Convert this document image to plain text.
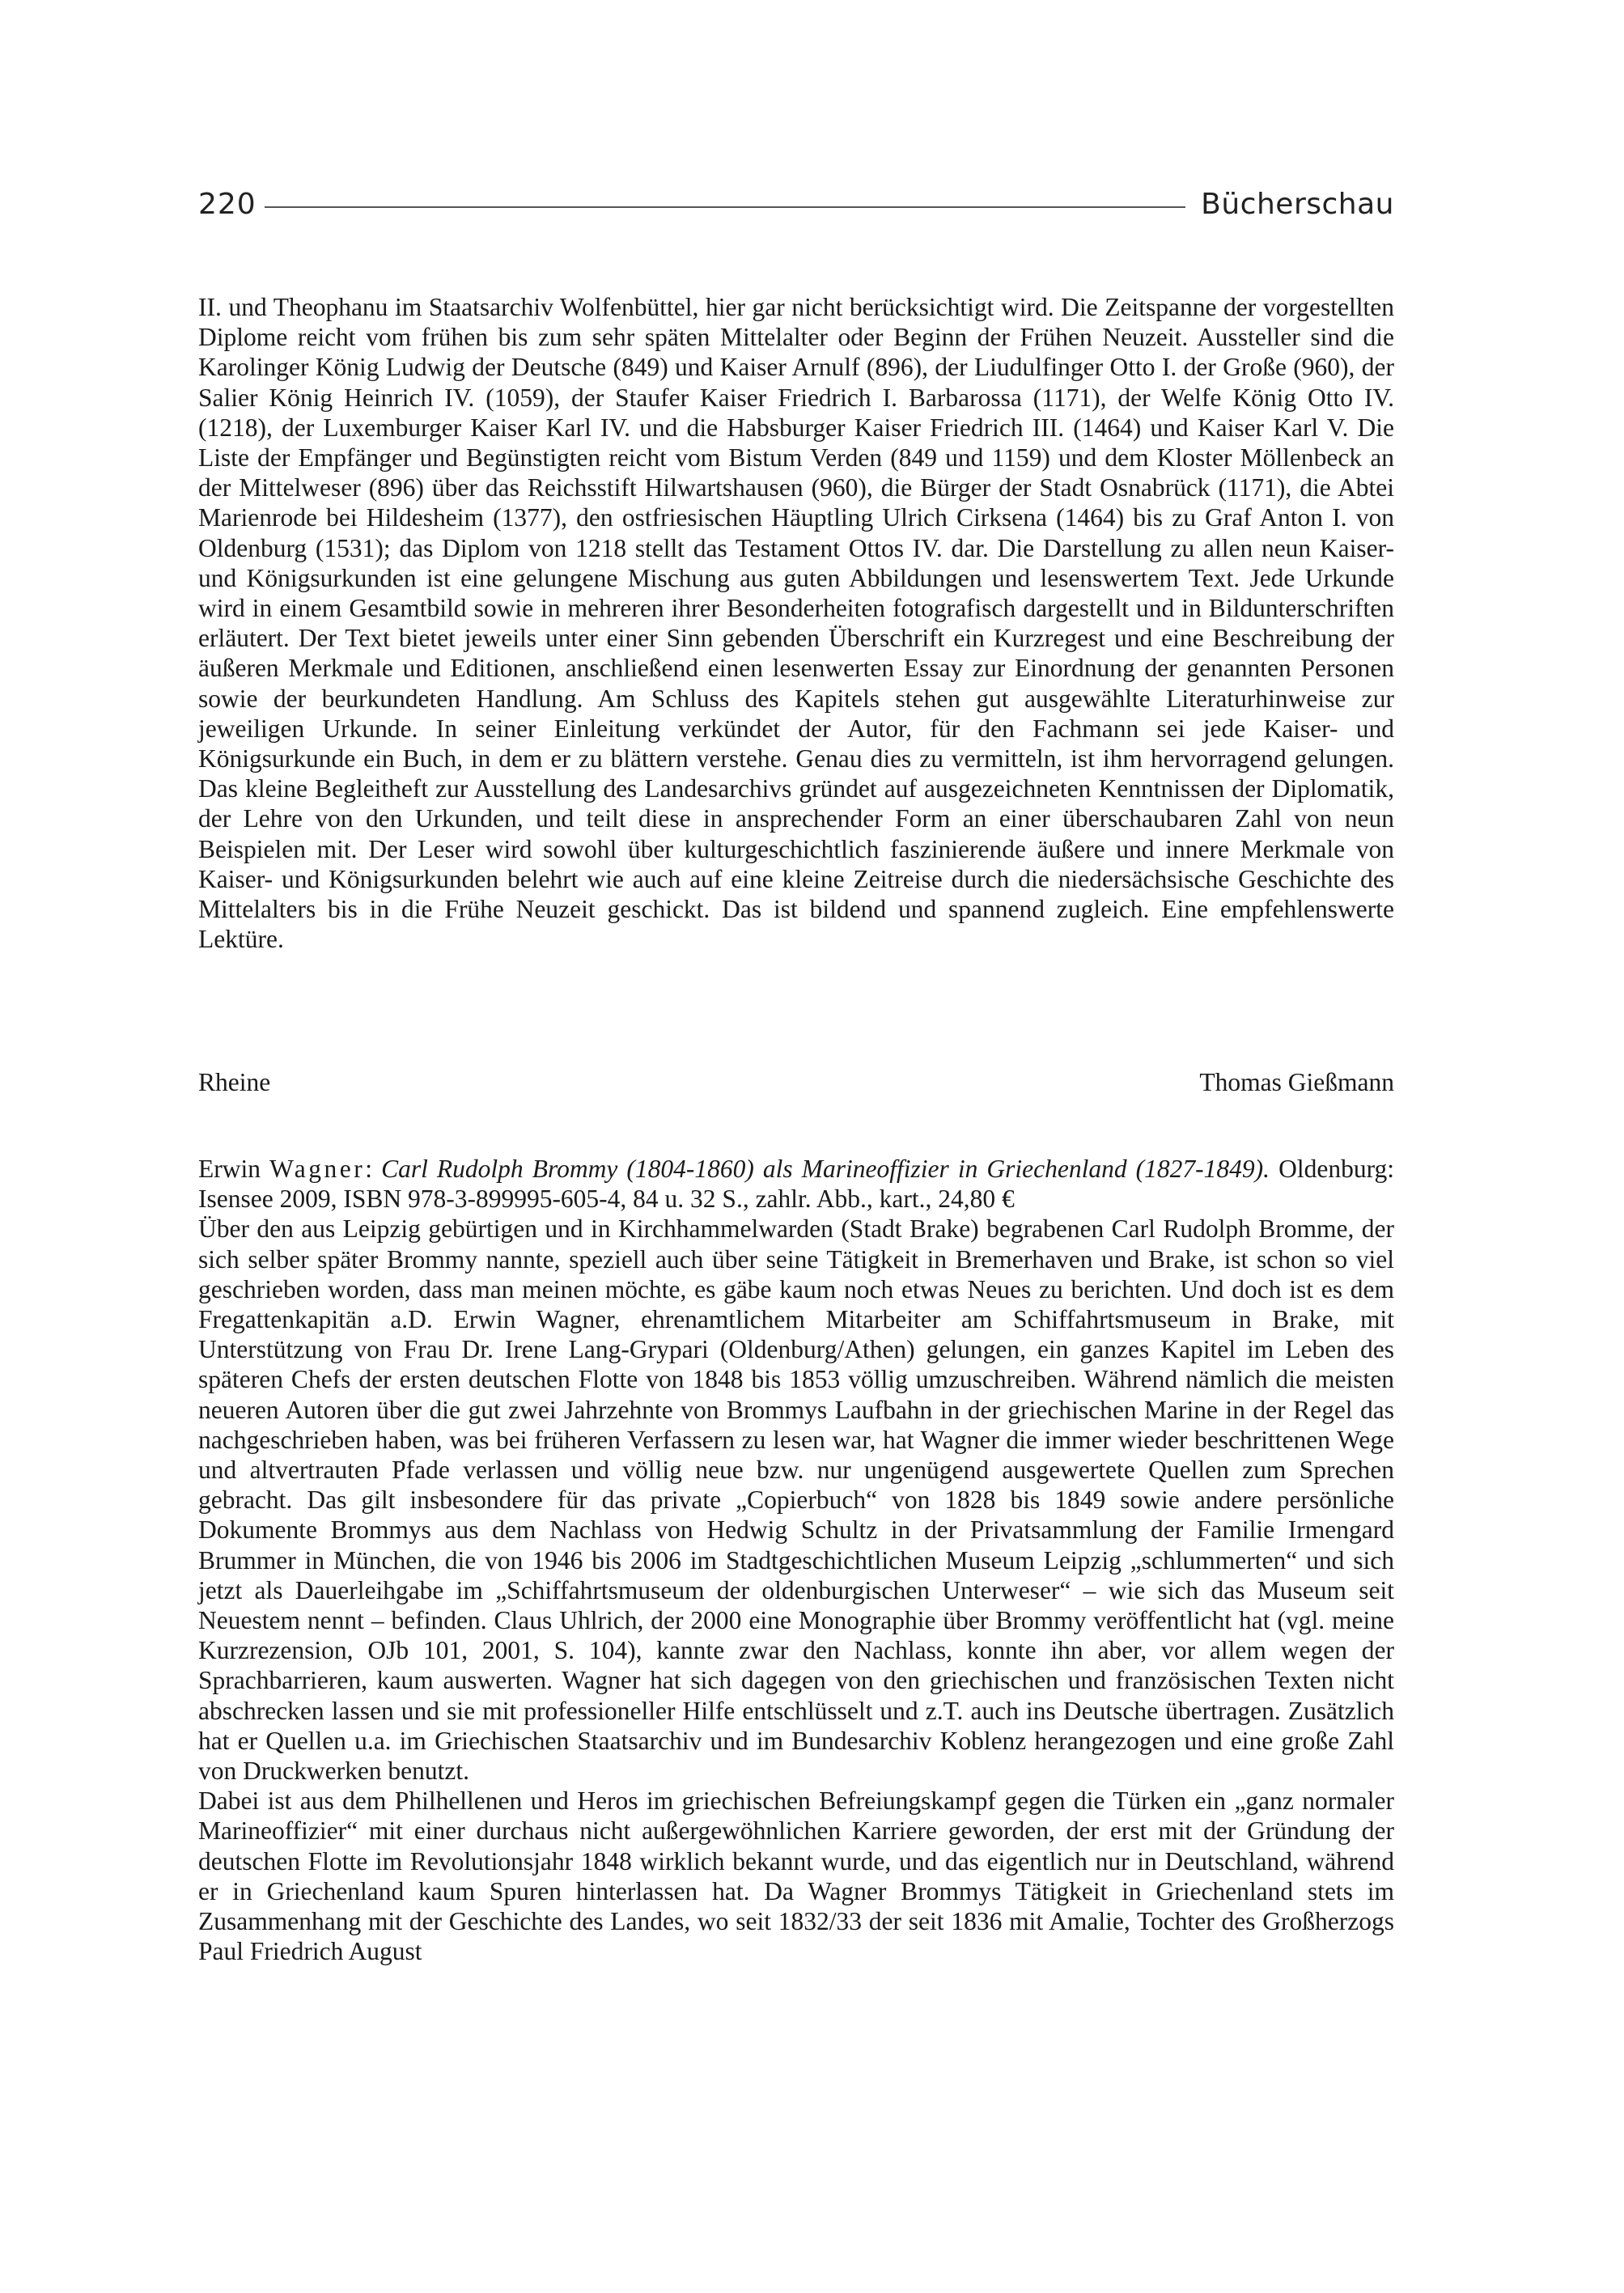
220	Bücherschau

II. und Theophanu im Staatsarchiv Wolfenbüttel, hier gar nicht berücksichtigt wird. Die Zeitspanne der vorgestellten Diplome reicht vom frühen bis zum sehr späten Mittelalter oder Beginn der Frühen Neuzeit. Aussteller sind die Karolinger König Ludwig der Deutsche (849) und Kaiser Arnulf (896), der Liudulfinger Otto I. der Große (960), der Salier König Heinrich IV. (1059), der Staufer Kaiser Friedrich I. Barbarossa (1171), der Welfe König Otto IV. (1218), der Luxemburger Kaiser Karl IV. und die Habsburger Kaiser Friedrich III. (1464) und Kaiser Karl V. Die Liste der Empfänger und Begünstigten reicht vom Bistum Verden (849 und 1159) und dem Kloster Möllenbeck an der Mittelweser (896) über das Reichsstift Hilwartshausen (960), die Bürger der Stadt Osnabrück (1171), die Abtei Marienrode bei Hildesheim (1377), den ostfriesischen Häuptling Ulrich Cirksena (1464) bis zu Graf Anton I. von Oldenburg (1531); das Diplom von 1218 stellt das Testament Ottos IV. dar. Die Darstellung zu allen neun Kaiser- und Königsurkunden ist eine gelungene Mischung aus guten Abbildungen und lesenswertem Text. Jede Urkunde wird in einem Gesamtbild sowie in mehreren ihrer Besonderheiten fotografisch dargestellt und in Bildunterschriften erläutert. Der Text bietet jeweils unter einer Sinn gebenden Überschrift ein Kurzregest und eine Beschreibung der äußeren Merkmale und Editionen, anschließend einen lesenwerten Essay zur Einordnung der genannten Personen sowie der beurkundeten Handlung. Am Schluss des Kapitels stehen gut ausgewählte Literaturhinweise zur jeweiligen Urkunde. In seiner Einleitung verkündet der Autor, für den Fachmann sei jede Kaiser- und Königsurkunde ein Buch, in dem er zu blättern verstehe. Genau dies zu vermitteln, ist ihm hervorragend gelungen. Das kleine Begleitheft zur Ausstellung des Landesarchivs gründet auf ausgezeichneten Kenntnissen der Diplomatik, der Lehre von den Urkunden, und teilt diese in ansprechender Form an einer überschaubaren Zahl von neun Beispielen mit. Der Leser wird sowohl über kulturgeschichtlich faszinierende äußere und innere Merkmale von Kaiser- und Königsurkunden belehrt wie auch auf eine kleine Zeitreise durch die niedersächsische Geschichte des Mittelalters bis in die Frühe Neuzeit geschickt. Das ist bildend und spannend zugleich. Eine empfehlenswerte Lektüre.

Rheine	Thomas Gießmann

Erwin Wagner: Carl Rudolph Brommy (1804-1860) als Marineoffizier in Griechenland (1827-1849). Oldenburg: Isensee 2009, ISBN 978-3-899995-605-4, 84 u. 32 S., zahlr. Abb., kart., 24,80 €

Über den aus Leipzig gebürtigen und in Kirchhammelwarden (Stadt Brake) begrabenen Carl Rudolph Bromme, der sich selber später Brommy nannte, speziell auch über seine Tätigkeit in Bremerhaven und Brake, ist schon so viel geschrieben worden, dass man meinen möchte, es gäbe kaum noch etwas Neues zu berichten. Und doch ist es dem Fregattenkapitän a.D. Erwin Wagner, ehrenamtlichem Mitarbeiter am Schiffahrtsmuseum in Brake, mit Unterstützung von Frau Dr. Irene Lang-Grypari (Oldenburg/Athen) gelungen, ein ganzes Kapitel im Leben des späteren Chefs der ersten deutschen Flotte von 1848 bis 1853 völlig umzuschreiben. Während nämlich die meisten neueren Autoren über die gut zwei Jahrzehnte von Brommys Laufbahn in der griechischen Marine in der Regel das nachgeschrieben haben, was bei früheren Verfassern zu lesen war, hat Wagner die immer wieder beschrittenen Wege und altvertrauten Pfade verlassen und völlig neue bzw. nur ungenügend ausgewertete Quellen zum Sprechen gebracht. Das gilt insbesondere für das private „Copierbuch“ von 1828 bis 1849 sowie andere persönliche Dokumente Brommys aus dem Nachlass von Hedwig Schultz in der Privatsammlung der Familie Irmengard Brummer in München, die von 1946 bis 2006 im Stadtgeschichtlichen Museum Leipzig „schlummerten“ und sich jetzt als Dauerleihgabe im „Schiffahrtsmuseum der oldenburgischen Unterweser“ – wie sich das Museum seit Neuestem nennt – befinden. Claus Uhlrich, der 2000 eine Monographie über Brommy veröffentlicht hat (vgl. meine Kurzrezension, OJb 101, 2001, S. 104), kannte zwar den Nachlass, konnte ihn aber, vor allem wegen der Sprachbarrieren, kaum auswerten. Wagner hat sich dagegen von den griechischen und französischen Texten nicht abschrecken lassen und sie mit professioneller Hilfe entschlüsselt und z.T. auch ins Deutsche übertragen. Zusätzlich hat er Quellen u.a. im Griechischen Staatsarchiv und im Bundesarchiv Koblenz herangezogen und eine große Zahl von Druckwerken benutzt.

Dabei ist aus dem Philhellenen und Heros im griechischen Befreiungskampf gegen die Türken ein „ganz normaler Marineoffizier“ mit einer durchaus nicht außergewöhnlichen Karriere geworden, der erst mit der Gründung der deutschen Flotte im Revolutionsjahr 1848 wirklich bekannt wurde, und das eigentlich nur in Deutschland, während er in Griechenland kaum Spuren hinterlassen hat. Da Wagner Brommys Tätigkeit in Griechenland stets im Zusammenhang mit der Geschichte des Landes, wo seit 1832/33 der seit 1836 mit Amalie, Tochter des Großherzogs Paul Friedrich August
